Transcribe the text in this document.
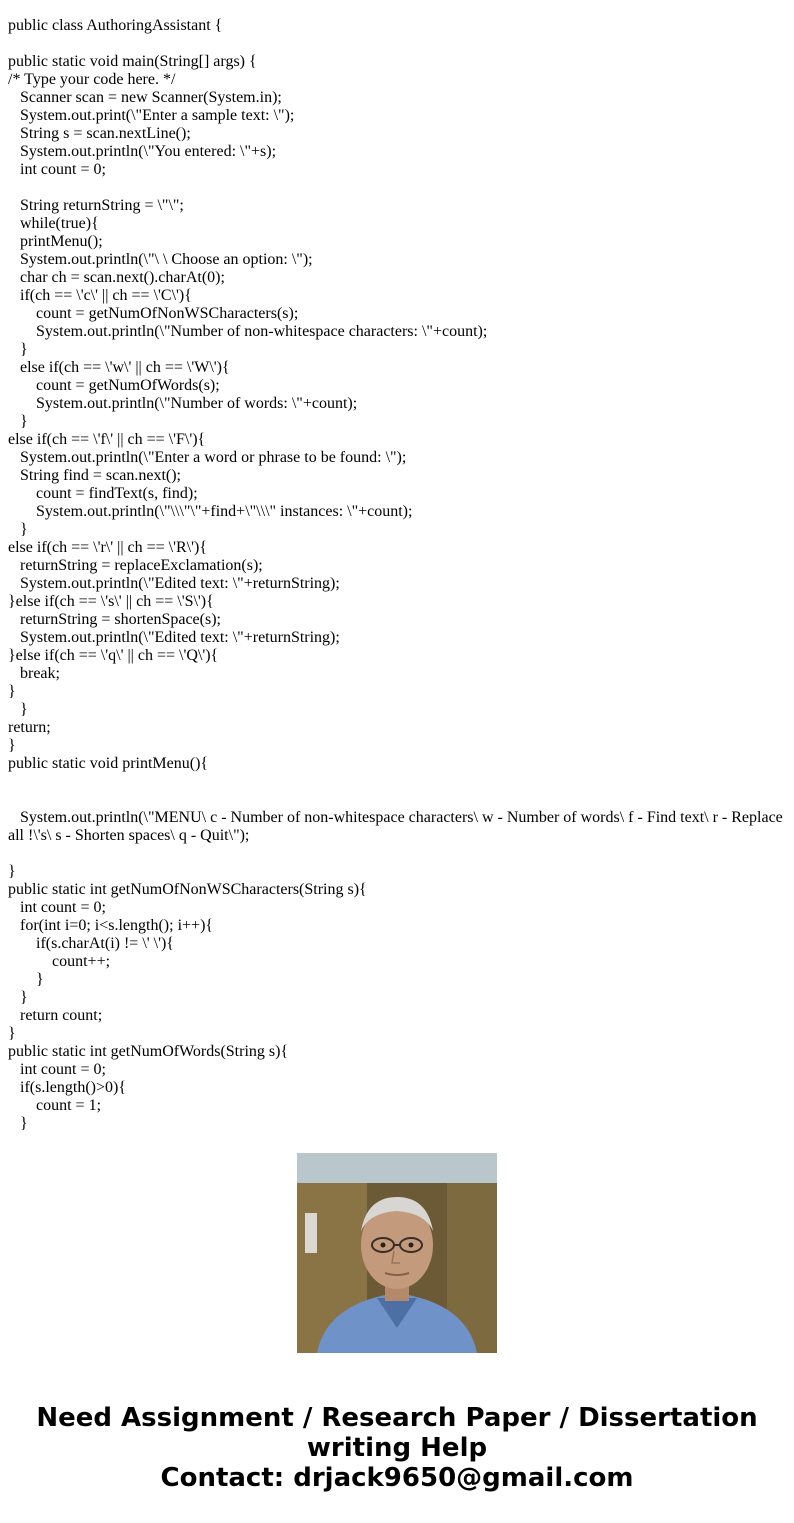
public class AuthoringAssistant {
public static void main(String[] args) {
/* Type your code here. */
Scanner scan = new Scanner(System.in);
System.out.print(\"Enter a sample text: \");
String s = scan.nextLine();
System.out.println(\"You entered: \"+s);
int count = 0;
String returnString = \"\";
while(true){
printMenu();
System.out.println(\"\ \ Choose an option: \");
char ch = scan.next().charAt(0);
if(ch == \'c\' || ch == \'C\'){
count = getNumOfNonWSCharacters(s);
System.out.println(\"Number of non-whitespace characters: \"+count);
}
else if(ch == \'w\' || ch == \'W\'){
count = getNumOfWords(s);
System.out.println(\"Number of words: \"+count);
}
else if(ch == \'f\' || ch == \'F\'){
System.out.println(\"Enter a word or phrase to be found: \");
String find = scan.next();
count = findText(s, find);
System.out.println(\"\\\"\"+find+\"\\\" instances: \"+count);
}
else if(ch == \'r\' || ch == \'R\'){
returnString = replaceExclamation(s);
System.out.println(\"Edited text: \"+returnString);
}else if(ch == \'s\' || ch == \'S\'){
returnString = shortenSpace(s);
System.out.println(\"Edited text: \"+returnString);
}else if(ch == \'q\' || ch == \'Q\'){
break;
}
}
return;
}
public static void printMenu(){
System.out.println(\"MENU\ c - Number of non-whitespace characters\ w - Number of words\ f - Find text\ r - Replace all !\'s\ s - Shorten spaces\ q - Quit\");
}
public static int getNumOfNonWSCharacters(String s){
int count = 0;
for(int i=0; i<s.length(); i++){
if(s.charAt(i) != \' \'){
count++;
}
}
return count;
}
public static int getNumOfWords(String s){
int count = 0;
if(s.length()>0){
count = 1;
}
Need Assignment / Research Paper / Dissertation
writing Help
Contact: drjack9650@gmail.com
